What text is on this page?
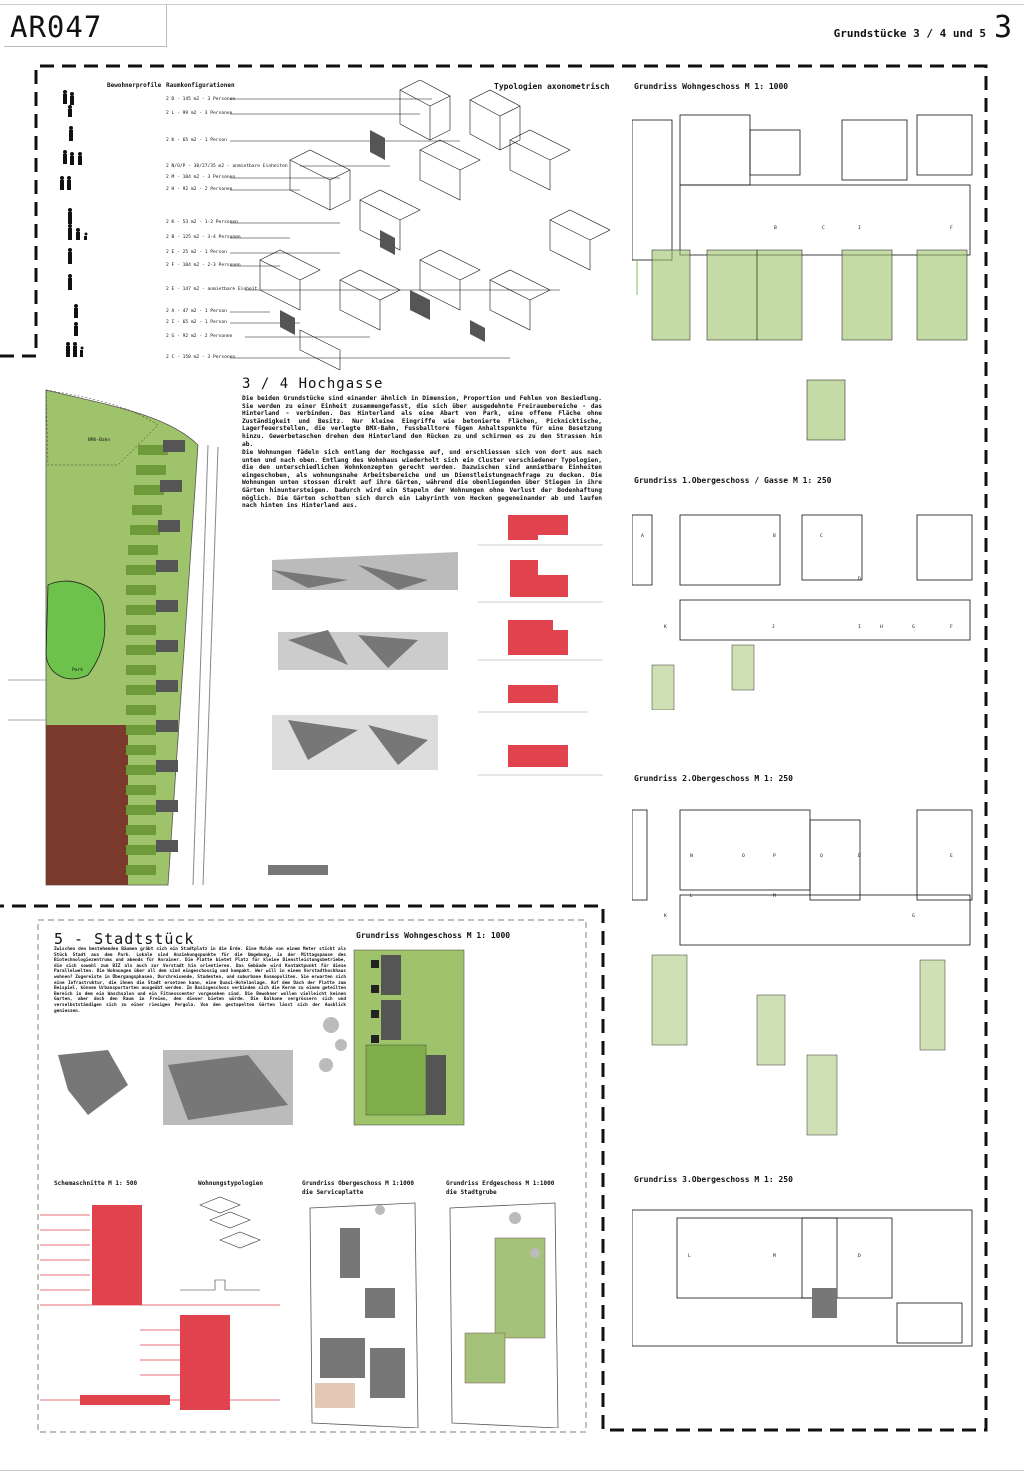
AR047	Grundstücke 3 / 4 und 5 3
Bewohnerprofile Raumkonfigurationen	Typologien axonometrisch
2 D - 145 m2 - 3 Personen
2 L - 99 m2 - 3 Personen
2 K - 65 m2 - 1 Person
2 N/O/P - 38/27/35 m2 - anmietbare Einheiten
2 M - 104 m2 - 3 Personen
2 H - 92 m2 - 2 Personen
2 K - 53 m2 - 1-2 Personen
2 B - 125 m2 - 3-4 Personen
2 E - 25 m2 - 1 Person
2 F - 104 m2 - 2-3 Personen
2 E - 147 m2 - anmietbare Einheit
2 A - 47 m2 - 1 Person
2 I - 65 m2 - 1 Person
2 G - 92 m2 - 2 Personen
2 C - 150 m2 - 3 Personen
BMX-Bahn
Park
3 / 4 Hochgasse
Die beiden Grundstücke sind einander ähnlich in Dimension, Proportion und Fehlen von Besiedlung. Sie werden zu einer Einheit zusammengefasst, die sich über ausgedehnte Freiraumbereiche - das Hinterland - verbinden. Das Hinterland als eine Abart von Park, eine offene Fläche ohne Zuständigkeit und Besitz. Nur kleine Eingriffe wie betonierte Flächen, Picknicktische, Lagerfeuerstellen, die verlegte BMX-Bahn, Fussballtore fügen Anhaltspunkte für eine Besetzung hinzu. Gewerbetaschen drehen dem Hinterland den Rücken zu und schirmen es zu den Strassen hin ab.
Die Wohnungen fädeln sich entlang der Hochgasse auf, und erschliessen sich von dort aus nach unten und nach oben. Entlang des Wohnhaus wiederholt sich ein Cluster verschiedener Typologien, die den unterschiedlichen Wohnkonzepten gerecht werden. Dazwischen sind anmietbare Einheiten eingeschoben, als wohnungsnahe Arbeitsbereiche und um Dienstleistungnachfrage zu decken. Die Wohnungen unten stossen direkt auf ihre Gärten, während die obenliegenden über Stiegen in ihre Gärten hinuntersteigen. Dadurch wird ein Stapeln der Wohnungen ohne Verlust der Bodenhaftung möglich. Die Gärten schotten sich durch ein Labyrinth von Hecken gegeneinander ab und laufen nach hinten ins Hinterland aus.
Grundriss Wohngeschoss M 1: 1000
B	C	I	F
Grundriss 1.Obergeschoss / Gasse M 1: 250
A	B	C
D
K	J	I	H	G	F
Grundriss 2.Obergeschoss M 1: 250
N	O	P	Q	D	E
L	M
K	G
Grundriss 3.Obergeschoss M 1: 250
L	M	D
5 - Stadtstück
Zwischen den bestehenden Bäumen gräbt sich ein Stadtplatz in die Erde. Eine Mulde von einem Meter sticht als Stück Stadt aus dem Park. Lokale sind Anziehungspunkte für die Umgebung, in der Mittagspause des Biotechnologiezentrums und abends für Anrainer. Die Platte bietet Platz für kleine Dienstleistungsbetriebe, die sich sowohl zum BIZ als auch zur Vorstadt hin orientieren. Das Gebäude wird Kontaktpunkt für diese Parallelwelten. Die Wohnungen über all dem sind eingeschossig und kompakt. Wer will in einem Vorstadthochhaus wohnen? Zugereiste in Übergangsphasen, Durchreisende, Studenten, und suburbane Kosmopoliten. Sie erwarten sich eine Infrastruktur, die ihnen die Stadt ersetzen kann, eine Quasi-Hotelanlage. Auf dem Dach der Platte zum Beispiel, können Urbansportarten ausgeübt werden. Im Basisgeschoss verbinden sich die Kerne zu einem geteilten Bereich in dem ein Waschsalon und ein Fitnesscenter vorgesehen sind. Die Bewohner wollen vielleicht keinen Garten, aber doch den Raum im Freien, den dieser bieten würde. Die Balkone vergrössern sich und verselbstständigen sich zu einer riesigen Pergola. Von den gestapelten Gärten lässt sich der Ausblick geniessen.
Grundriss Wohngeschoss M 1: 1000
Schemaschnitte M 1: 500	Wohnungstypologien	Grundriss Obergeschoss M 1:1000
die Serviceplatte
Grundriss Erdgeschoss M 1:1000
die Stadtgrube
